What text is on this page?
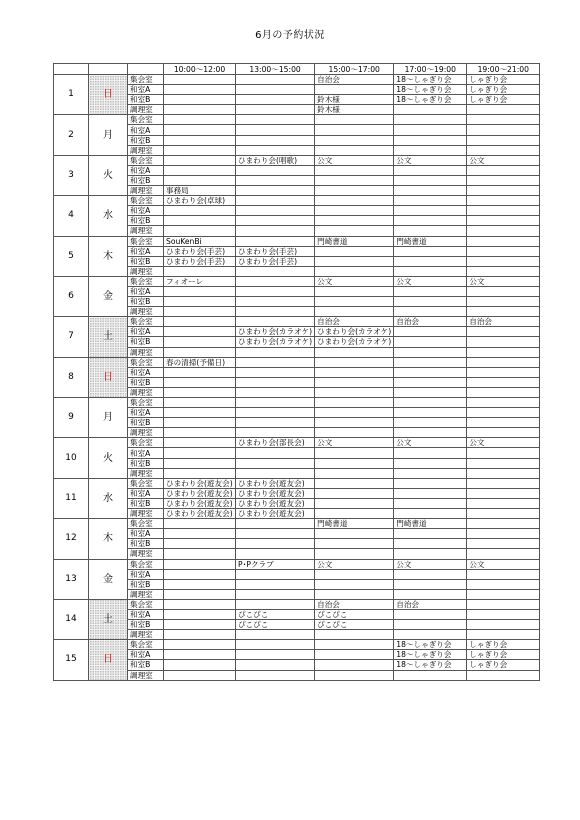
6月の予約状況
			10:00～12:00	13:00～15:00	15:00～17:00	17:00～19:00	19:00～21:00
1	日	集会室			自治会	18～しゃぎり会	しゃぎり会
		和室A				18～しゃぎり会	しゃぎり会
		和室B			鈴木様	18～しゃぎり会	しゃぎり会
		調理室			鈴木様		
2	月	集会室					
		和室A					
		和室B					
		調理室					
3	火	集会室		ひまわり会(唱歌)	公文	公文	公文
		和室A					
		和室B					
		調理室	事務局				
4	水	集会室	ひまわり会(卓球)				
		和室A					
		和室B					
		調理室					
5	木	集会室	SouKenBi		門崎書道	門崎書道	
		和室A	ひまわり会(手芸)	ひまわり会(手芸)			
		和室B	ひまわり会(手芸)	ひまわり会(手芸)			
		調理室					
6	金	集会室	フィオーレ		公文	公文	公文
		和室A					
		和室B					
		調理室					
7	土	集会室			自治会	自治会	自治会
		和室A		ひまわり会(カラオケ)	ひまわり会(カラオケ)		
		和室B		ひまわり会(カラオケ)	ひまわり会(カラオケ)		
		調理室					
8	日	集会室	春の清掃(予備日)				
		和室A					
		和室B					
		調理室					
9	月	集会室					
		和室A					
		和室B					
		調理室					
10	火	集会室		ひまわり会(部長会)	公文	公文	公文
		和室A					
		和室B					
		調理室					
11	水	集会室	ひまわり会(遊友会)	ひまわり会(遊友会)			
		和室A	ひまわり会(遊友会)	ひまわり会(遊友会)			
		和室B	ひまわり会(遊友会)	ひまわり会(遊友会)			
		調理室	ひまわり会(遊友会)	ひまわり会(遊友会)			
12	木	集会室			門崎書道	門崎書道	
		和室A					
		和室B					
		調理室					
13	金	集会室		P･Pクラブ	公文	公文	公文
		和室A					
		和室B					
		調理室					
14	土	集会室			自治会	自治会	
		和室A		ぴこぴこ	ぴこぴこ		
		和室B		ぴこぴこ	ぴこぴこ		
		調理室					
15	日	集会室				18～しゃぎり会	しゃぎり会
		和室A				18～しゃぎり会	しゃぎり会
		和室B				18～しゃぎり会	しゃぎり会
		調理室					
